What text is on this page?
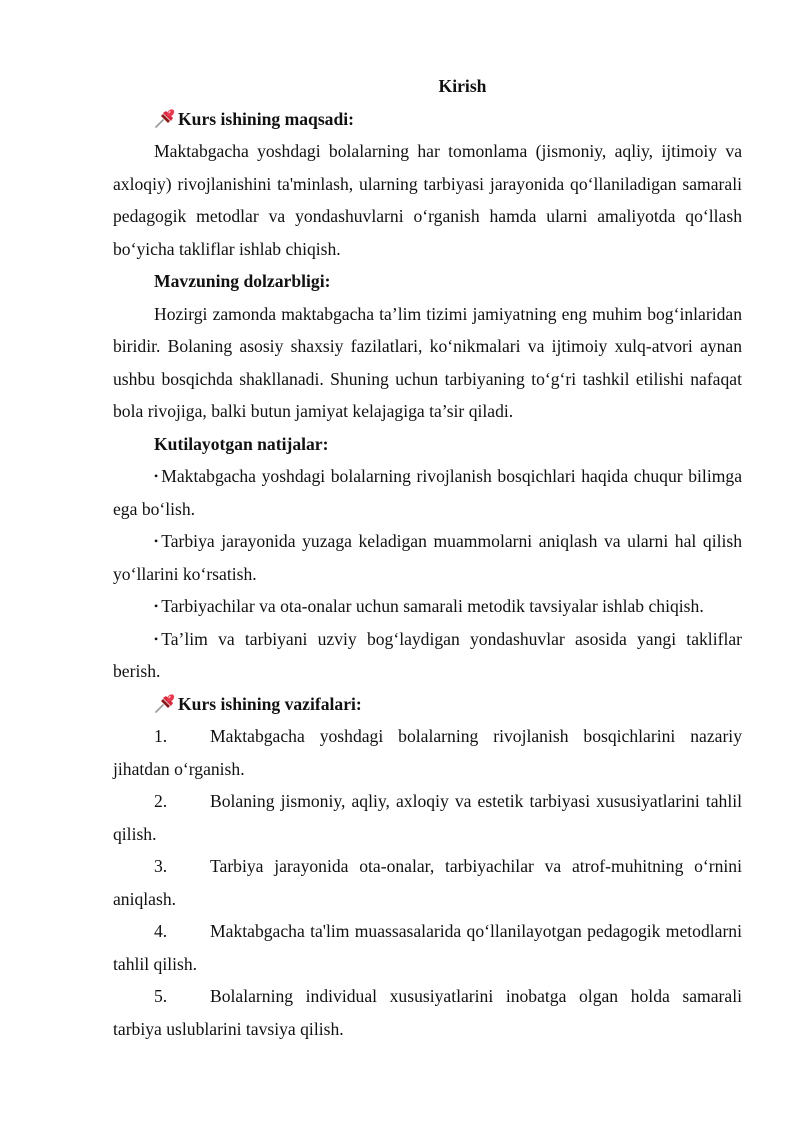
Kirish

Kurs ishining maqsadi:

Maktabgacha yoshdagi bolalarning har tomonlama (jismoniy, aqliy, ijtimoiy va axloqiy) rivojlanishini ta'minlash, ularning tarbiyasi jarayonida qo‘llaniladigan samarali pedagogik metodlar va yondashuvlarni o‘rganish hamda ularni amaliyotda qo‘llash bo‘yicha takliflar ishlab chiqish.

Mavzuning dolzarbligi:

Hozirgi zamonda maktabgacha ta’lim tizimi jamiyatning eng muhim bog‘inlaridan biridir. Bolaning asosiy shaxsiy fazilatlari, ko‘nikmalari va ijtimoiy xulq-atvori aynan ushbu bosqichda shakllanadi. Shuning uchun tarbiyaning to‘g‘ri tashkil etilishi nafaqat bola rivojiga, balki butun jamiyat kelajagiga ta’sir qiladi.

Kutilayotgan natijalar:

• Maktabgacha yoshdagi bolalarning rivojlanish bosqichlari haqida chuqur bilimga ega bo‘lish.

• Tarbiya jarayonida yuzaga keladigan muammolarni aniqlash va ularni hal qilish yo‘llarini ko‘rsatish.

• Tarbiyachilar va ota-onalar uchun samarali metodik tavsiyalar ishlab chiqish.

• Ta’lim va tarbiyani uzviy bog‘laydigan yondashuvlar asosida yangi takliflar berish.

Kurs ishining vazifalari:

1. Maktabgacha yoshdagi bolalarning rivojlanish bosqichlarini nazariy jihatdan o‘rganish.

2. Bolaning jismoniy, aqliy, axloqiy va estetik tarbiyasi xususiyatlarini tahlil qilish.

3. Tarbiya jarayonida ota-onalar, tarbiyachilar va atrof-muhitning o‘rnini aniqlash.

4. Maktabgacha ta'lim muassasalarida qo‘llanilayotgan pedagogik metodlarni tahlil qilish.

5. Bolalarning individual xususiyatlarini inobatga olgan holda samarali tarbiya uslublarini tavsiya qilish.
